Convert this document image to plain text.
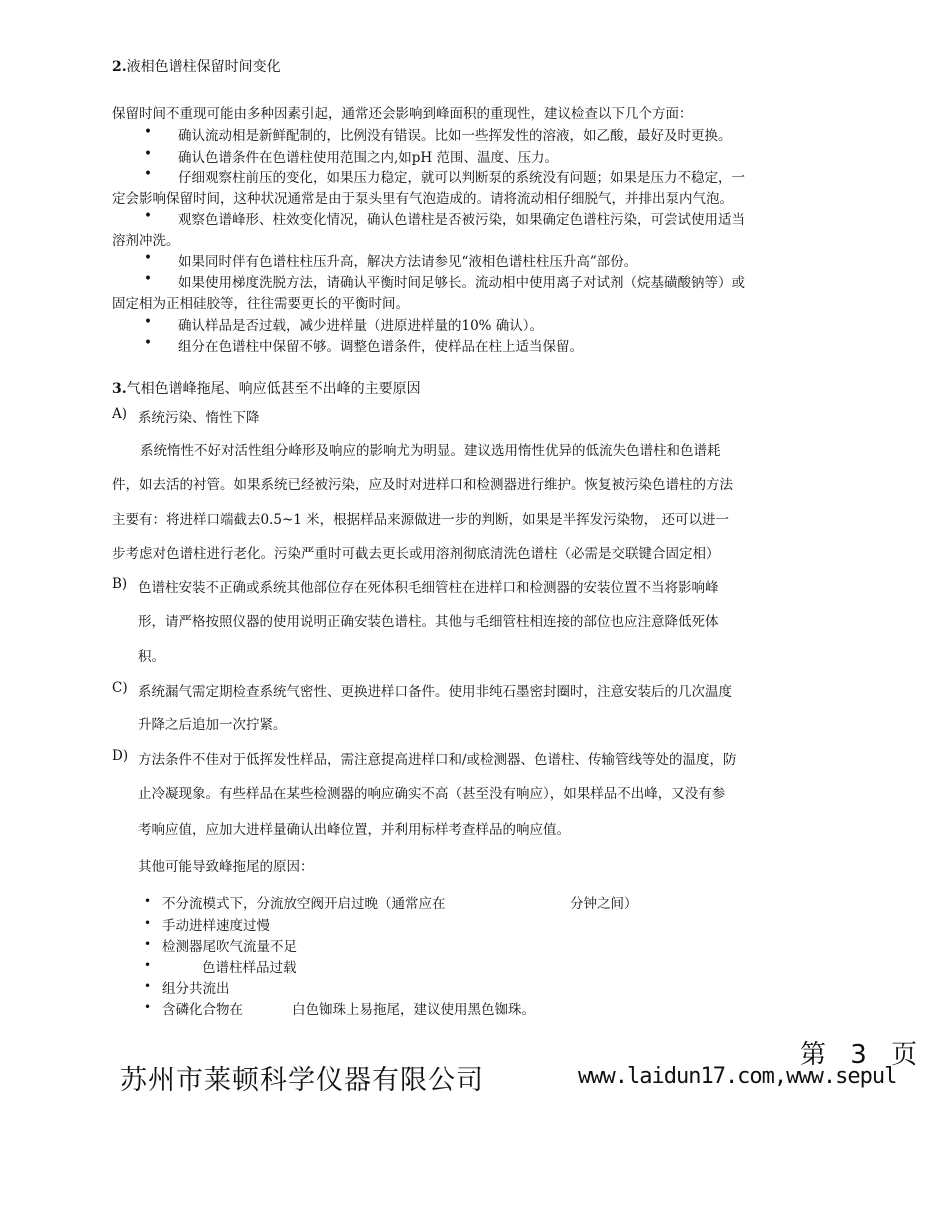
2.液相色谱柱保留时间变化
保留时间不重现可能由多种因素引起，通常还会影响到峰面积的重现性，建议检查以下几个方面：
• 确认流动相是新鲜配制的，比例没有错误。比如一些挥发性的溶液，如乙酸，最好及时更换。
• 确认色谱条件在色谱柱使用范围之内,如pH 范围、温度、压力。
• 仔细观察柱前压的变化，如果压力稳定，就可以判断泵的系统没有问题；如果是压力不稳定，一
定会影响保留时间，这种状况通常是由于泵头里有气泡造成的。请将流动相仔细脱气，并排出泵内气泡。
• 观察色谱峰形、柱效变化情况，确认色谱柱是否被污染，如果确定色谱柱污染，可尝试使用适当
溶剂冲洗。
• 如果同时伴有色谱柱柱压升高，解决方法请参见“液相色谱柱柱压升高”部份。
• 如果使用梯度洗脱方法，请确认平衡时间足够长。流动相中使用离子对试剂（烷基磺酸钠等）或
固定相为正相硅胶等，往往需要更长的平衡时间。
• 确认样品是否过载，减少进样量（进原进样量的10% 确认）。
• 组分在色谱柱中保留不够。调整色谱条件，使样品在柱上适当保留。
3.气相色谱峰拖尾、响应低甚至不出峰的主要原因
A) 系统污染、惰性下降
系统惰性不好对活性组分峰形及响应的影响尤为明显。建议选用惰性优异的低流失色谱柱和色谱耗
件，如去活的衬管。如果系统已经被污染，应及时对进样口和检测器进行维护。恢复被污染色谱柱的方法
主要有：将进样口端截去0.5~1 米，根据样品来源做进一步的判断，如果是半挥发污染物， 还可以进一
步考虑对色谱柱进行老化。污染严重时可截去更长或用溶剂彻底清洗色谱柱（必需是交联键合固定相）
B) 色谱柱安装不正确或系统其他部位存在死体积毛细管柱在进样口和检测器的安装位置不当将影响峰
形，请严格按照仪器的使用说明正确安装色谱柱。其他与毛细管柱相连接的部位也应注意降低死体
积。
C) 系统漏气需定期检查系统气密性、更换进样口备件。使用非纯石墨密封圈时，注意安装后的几次温度
升降之后追加一次拧紧。
D) 方法条件不佳对于低挥发性样品，需注意提高进样口和/或检测器、色谱柱、传输管线等处的温度，防
止冷凝现象。有些样品在某些检测器的响应确实不高（甚至没有响应），如果样品不出峰，又没有参
考响应值，应加大进样量确认出峰位置，并利用标样考查样品的响应值。
其他可能导致峰拖尾的原因：
• 不分流模式下，分流放空阀开启过晚（通常应在	分钟之间）
• 手动进样速度过慢
• 检测器尾吹气流量不足
•	色谱柱样品过载
• 组分共流出
• 含磷化合物在	白色铷珠上易拖尾，建议使用黑色铷珠。
第 3 页
苏州市莱顿科学仪器有限公司	www.laidun17.com,www.sepul
